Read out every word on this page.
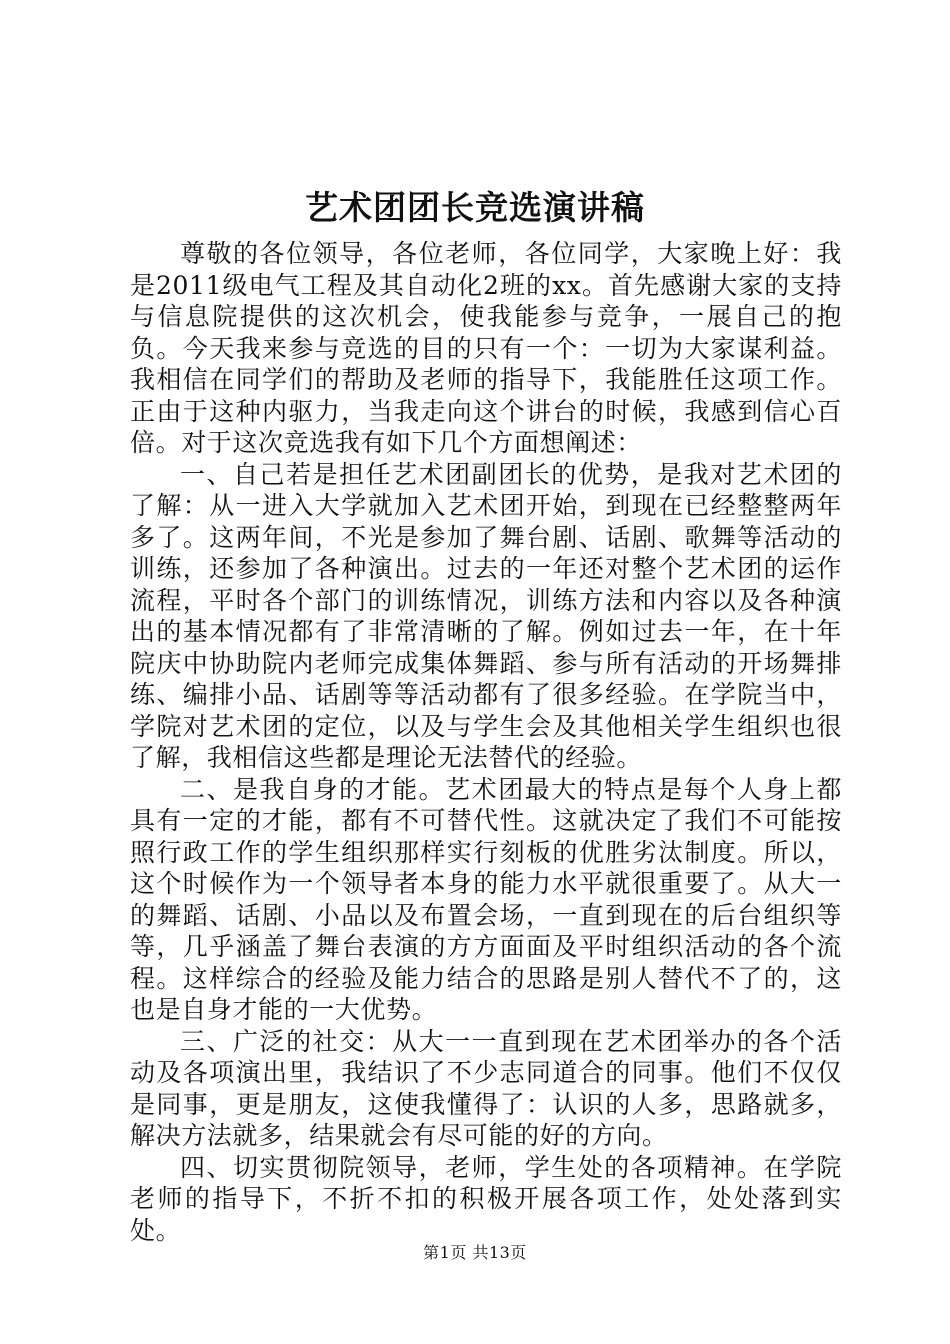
艺术团团长竞选演讲稿

尊敬的各位领导，各位老师，各位同学，大家晚上好：我是2011级电气工程及其自动化2班的xx。首先感谢大家的支持与信息院提供的这次机会，使我能参与竞争，一展自己的抱负。今天我来参与竞选的目的只有一个：一切为大家谋利益。我相信在同学们的帮助及老师的指导下，我能胜任这项工作。正由于这种内驱力，当我走向这个讲台的时候，我感到信心百倍。对于这次竞选我有如下几个方面想阐述：

一、自己若是担任艺术团副团长的优势，是我对艺术团的了解：从一进入大学就加入艺术团开始，到现在已经整整两年多了。这两年间，不光是参加了舞台剧、话剧、歌舞等活动的训练，还参加了各种演出。过去的一年还对整个艺术团的运作流程，平时各个部门的训练情况，训练方法和内容以及各种演出的基本情况都有了非常清晰的了解。例如过去一年，在十年院庆中协助院内老师完成集体舞蹈、参与所有活动的开场舞排练、编排小品、话剧等等活动都有了很多经验。在学院当中，学院对艺术团的定位，以及与学生会及其他相关学生组织也很了解，我相信这些都是理论无法替代的经验。

二、是我自身的才能。艺术团最大的特点是每个人身上都具有一定的才能，都有不可替代性。这就决定了我们不可能按照行政工作的学生组织那样实行刻板的优胜劣汰制度。所以，这个时候作为一个领导者本身的能力水平就很重要了。从大一的舞蹈、话剧、小品以及布置会场，一直到现在的后台组织等等，几乎涵盖了舞台表演的方方面面及平时组织活动的各个流程。这样综合的经验及能力结合的思路是别人替代不了的，这也是自身才能的一大优势。

三、广泛的社交：从大一一直到现在艺术团举办的各个活动及各项演出里，我结识了不少志同道合的同事。他们不仅仅是同事，更是朋友，这使我懂得了：认识的人多，思路就多，解决方法就多，结果就会有尽可能的好的方向。

四、切实贯彻院领导，老师，学生处的各项精神。在学院老师的指导下，不折不扣的积极开展各项工作，处处落到实处。

第1页 共13页
